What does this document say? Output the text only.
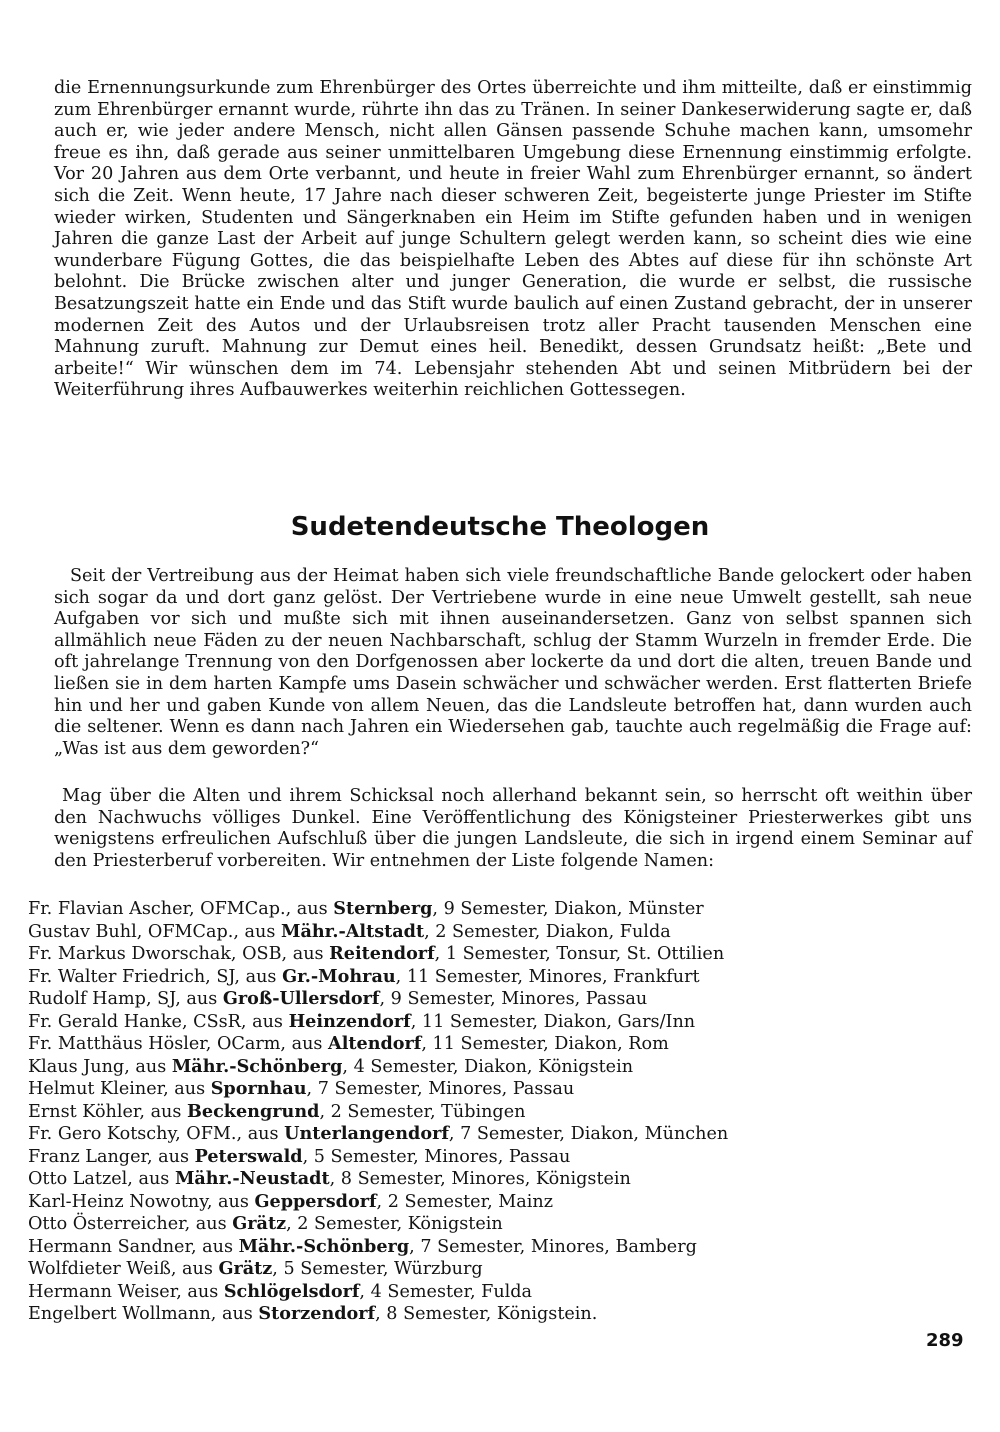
die Ernennungsurkunde zum Ehrenbürger des Ortes überreichte und ihm mitteilte, daß er einstimmig zum Ehrenbürger ernannt wurde, rührte ihn das zu Tränen. In seiner Dankeserwiderung sagte er, daß auch er, wie jeder andere Mensch, nicht allen Gänsen passende Schuhe machen kann, umsomehr freue es ihn, daß gerade aus seiner unmittelbaren Umgebung diese Ernennung einstimmig erfolgte. Vor 20 Jahren aus dem Orte verbannt, und heute in freier Wahl zum Ehrenbürger ernannt, so ändert sich die Zeit. Wenn heute, 17 Jahre nach dieser schweren Zeit, begeisterte junge Priester im Stifte wieder wirken, Studenten und Sängerknaben ein Heim im Stifte gefunden haben und in wenigen Jahren die ganze Last der Arbeit auf junge Schultern gelegt werden kann, so scheint dies wie eine wunderbare Fügung Gottes, die das beispielhafte Leben des Abtes auf diese für ihn schönste Art belohnt. Die Brücke zwischen alter und junger Generation, die wurde er selbst, die russische Besatzungszeit hatte ein Ende und das Stift wurde baulich auf einen Zustand gebracht, der in unserer modernen Zeit des Autos und der Urlaubsreisen trotz aller Pracht tausenden Menschen eine Mahnung zuruft. Mahnung zur Demut eines heil. Benedikt, dessen Grundsatz heißt: „Bete und arbeite!“ Wir wünschen dem im 74. Lebensjahr stehenden Abt und seinen Mitbrüdern bei der Weiterführung ihres Aufbauwerkes weiterhin reichlichen Gottessegen.

Sudetendeutsche Theologen

Seit der Vertreibung aus der Heimat haben sich viele freundschaftliche Bande gelockert oder haben sich sogar da und dort ganz gelöst. Der Vertriebene wurde in eine neue Umwelt gestellt, sah neue Aufgaben vor sich und mußte sich mit ihnen auseinandersetzen. Ganz von selbst spannen sich allmählich neue Fäden zu der neuen Nachbarschaft, schlug der Stamm Wurzeln in fremder Erde. Die oft jahrelange Trennung von den Dorfgenossen aber lockerte da und dort die alten, treuen Bande und ließen sie in dem harten Kampfe ums Dasein schwächer und schwächer werden. Erst flatterten Briefe hin und her und gaben Kunde von allem Neuen, das die Landsleute betroffen hat, dann wurden auch die seltener. Wenn es dann nach Jahren ein Wiedersehen gab, tauchte auch regelmäßig die Frage auf: „Was ist aus dem geworden?“

Mag über die Alten und ihrem Schicksal noch allerhand bekannt sein, so herrscht oft weithin über den Nachwuchs völliges Dunkel. Eine Veröffentlichung des Königsteiner Priesterwerkes gibt uns wenigstens erfreulichen Aufschluß über die jungen Landsleute, die sich in irgend einem Seminar auf den Priesterberuf vorbereiten. Wir entnehmen der Liste folgende Namen:

Fr. Flavian Ascher, OFMCap., aus Sternberg, 9 Semester, Diakon, Münster
Gustav Buhl, OFMCap., aus Mähr.-Altstadt, 2 Semester, Diakon, Fulda
Fr. Markus Dworschak, OSB, aus Reitendorf, 1 Semester, Tonsur, St. Ottilien
Fr. Walter Friedrich, SJ, aus Gr.-Mohrau, 11 Semester, Minores, Frankfurt
Rudolf Hamp, SJ, aus Groß-Ullersdorf, 9 Semester, Minores, Passau
Fr. Gerald Hanke, CSsR, aus Heinzendorf, 11 Semester, Diakon, Gars/Inn
Fr. Matthäus Hösler, OCarm, aus Altendorf, 11 Semester, Diakon, Rom
Klaus Jung, aus Mähr.-Schönberg, 4 Semester, Diakon, Königstein
Helmut Kleiner, aus Spornhau, 7 Semester, Minores, Passau
Ernst Köhler, aus Beckengrund, 2 Semester, Tübingen
Fr. Gero Kotschy, OFM., aus Unterlangendorf, 7 Semester, Diakon, München
Franz Langer, aus Peterswald, 5 Semester, Minores, Passau
Otto Latzel, aus Mähr.-Neustadt, 8 Semester, Minores, Königstein
Karl-Heinz Nowotny, aus Geppersdorf, 2 Semester, Mainz
Otto Österreicher, aus Grätz, 2 Semester, Königstein
Hermann Sandner, aus Mähr.-Schönberg, 7 Semester, Minores, Bamberg
Wolfdieter Weiß, aus Grätz, 5 Semester, Würzburg
Hermann Weiser, aus Schlögelsdorf, 4 Semester, Fulda
Engelbert Wollmann, aus Storzendorf, 8 Semester, Königstein.
289
